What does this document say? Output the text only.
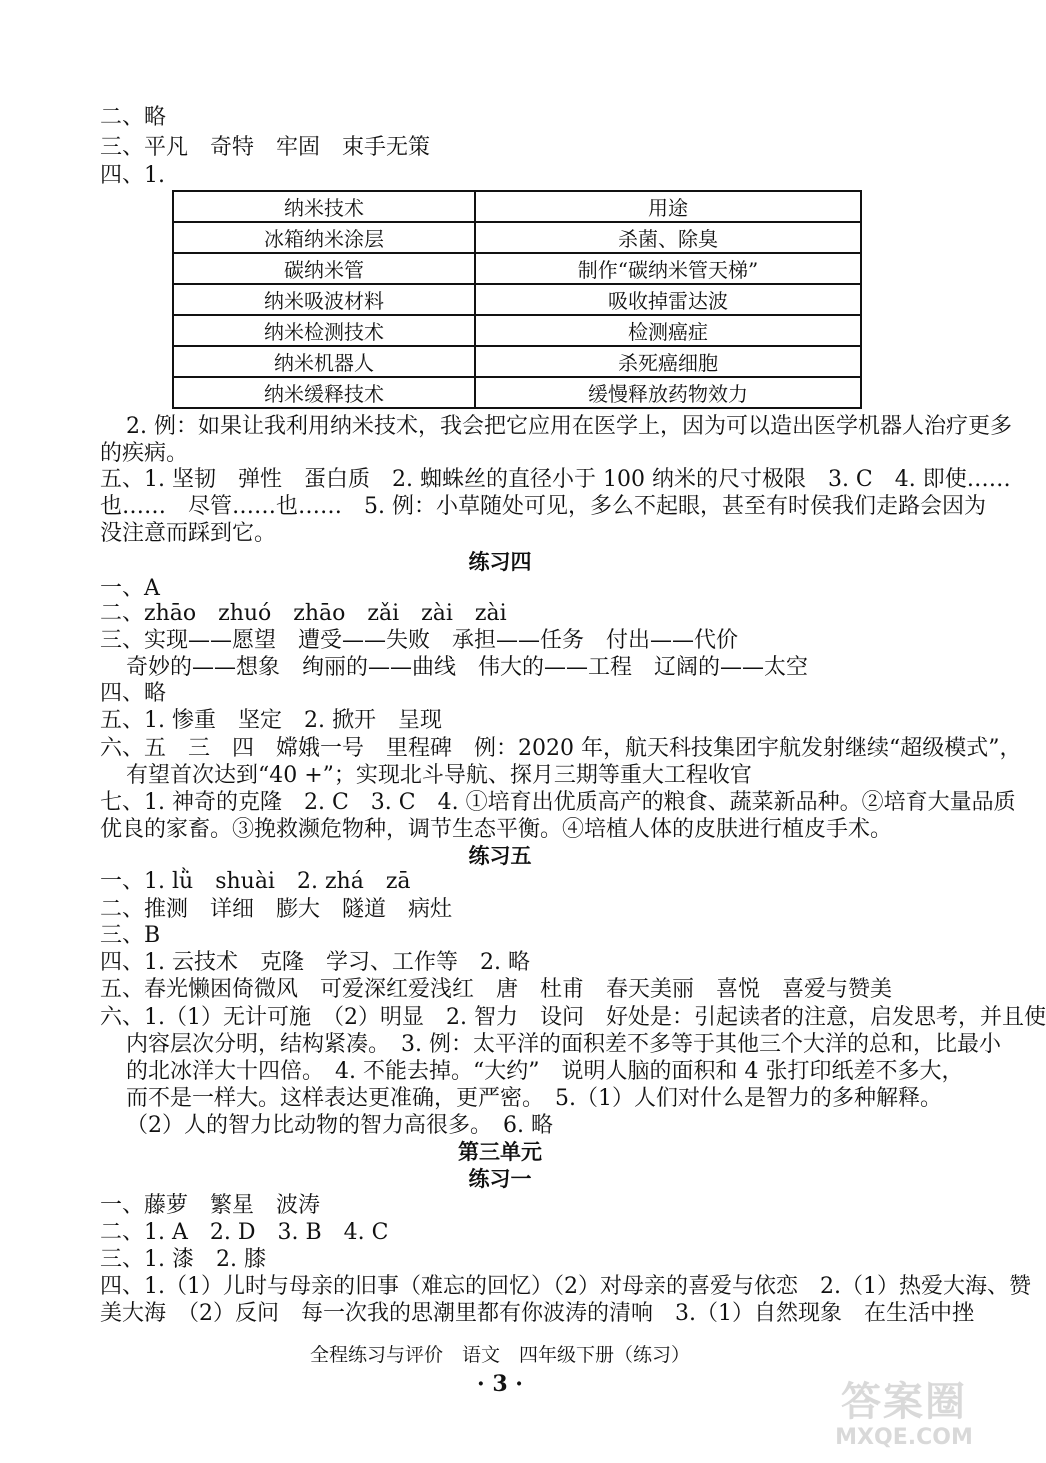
二、略
三、平凡　奇特　牢固　束手无策
四、1.
纳米技术	用途
冰箱纳米涂层	杀菌、除臭
碳纳米管	制作“碳纳米管天梯”
纳米吸波材料	吸收掉雷达波
纳米检测技术	检测癌症
纳米机器人	杀死癌细胞
纳米缓释技术	缓慢释放药物效力
2. 例：如果让我利用纳米技术，我会把它应用在医学上，因为可以造出医学机器人治疗更多
的疾病。
五、1. 坚韧　弹性　蛋白质　2. 蜘蛛丝的直径小于 100 纳米的尺寸极限　3. C　4. 即使……
也……　尽管……也……　5. 例：小草随处可见，多么不起眼，甚至有时侯我们走路会因为
没注意而踩到它。
练习四
一、A
二、zhāo　zhuó　zhāo　zǎi　zài　zài
三、实现——愿望　遭受——失败　承担——任务　付出——代价
奇妙的——想象　绚丽的——曲线　伟大的——工程　辽阔的——太空
四、略
五、1. 惨重　坚定　2. 掀开　呈现
六、五　三　四　嫦娥一号　里程碑　例：2020 年，航天科技集团宇航发射继续“超级模式”，
有望首次达到“40 +”；实现北斗导航、探月三期等重大工程收官
七、1. 神奇的克隆　2. C　3. C　4. ①培育出优质高产的粮食、蔬菜新品种。②培育大量品质
优良的家畜。③挽救濒危物种，调节生态平衡。④培植人体的皮肤进行植皮手术。
练习五
一、1. lǜ　shuài　2. zhá　zā
二、推测　详细　膨大　隧道　病灶
三、B
四、1. 云技术　克隆　学习、工作等　2. 略
五、春光懒困倚微风　可爱深红爱浅红　唐　杜甫　春天美丽　喜悦　喜爱与赞美
六、1.（1）无计可施　（2）明显　2. 智力　设问　好处是：引起读者的注意，启发思考，并且使
内容层次分明，结构紧凑。　3. 例：太平洋的面积差不多等于其他三个大洋的总和，比最小
的北冰洋大十四倍。　4. 不能去掉。“大约”　说明人脑的面积和 4 张打印纸差不多大，
而不是一样大。这样表达更准确，更严密。　5.（1）人们对什么是智力的多种解释。
（2）人的智力比动物的智力高很多。　6. 略
第三单元
练习一
一、藤萝　繁星　波涛
二、1. A　2. D　3. B　4. C
三、1. 漆　2. 膝
四、1.（1）儿时与母亲的旧事（难忘的回忆）（2）对母亲的喜爱与依恋　2.（1）热爱大海、赞
美大海　（2）反问　每一次我的思潮里都有你波涛的清响　3.（1）自然现象　在生活中挫
全程练习与评价　语文　四年级下册（练习）
· 3 ·	答案圈
MXQE.COM
